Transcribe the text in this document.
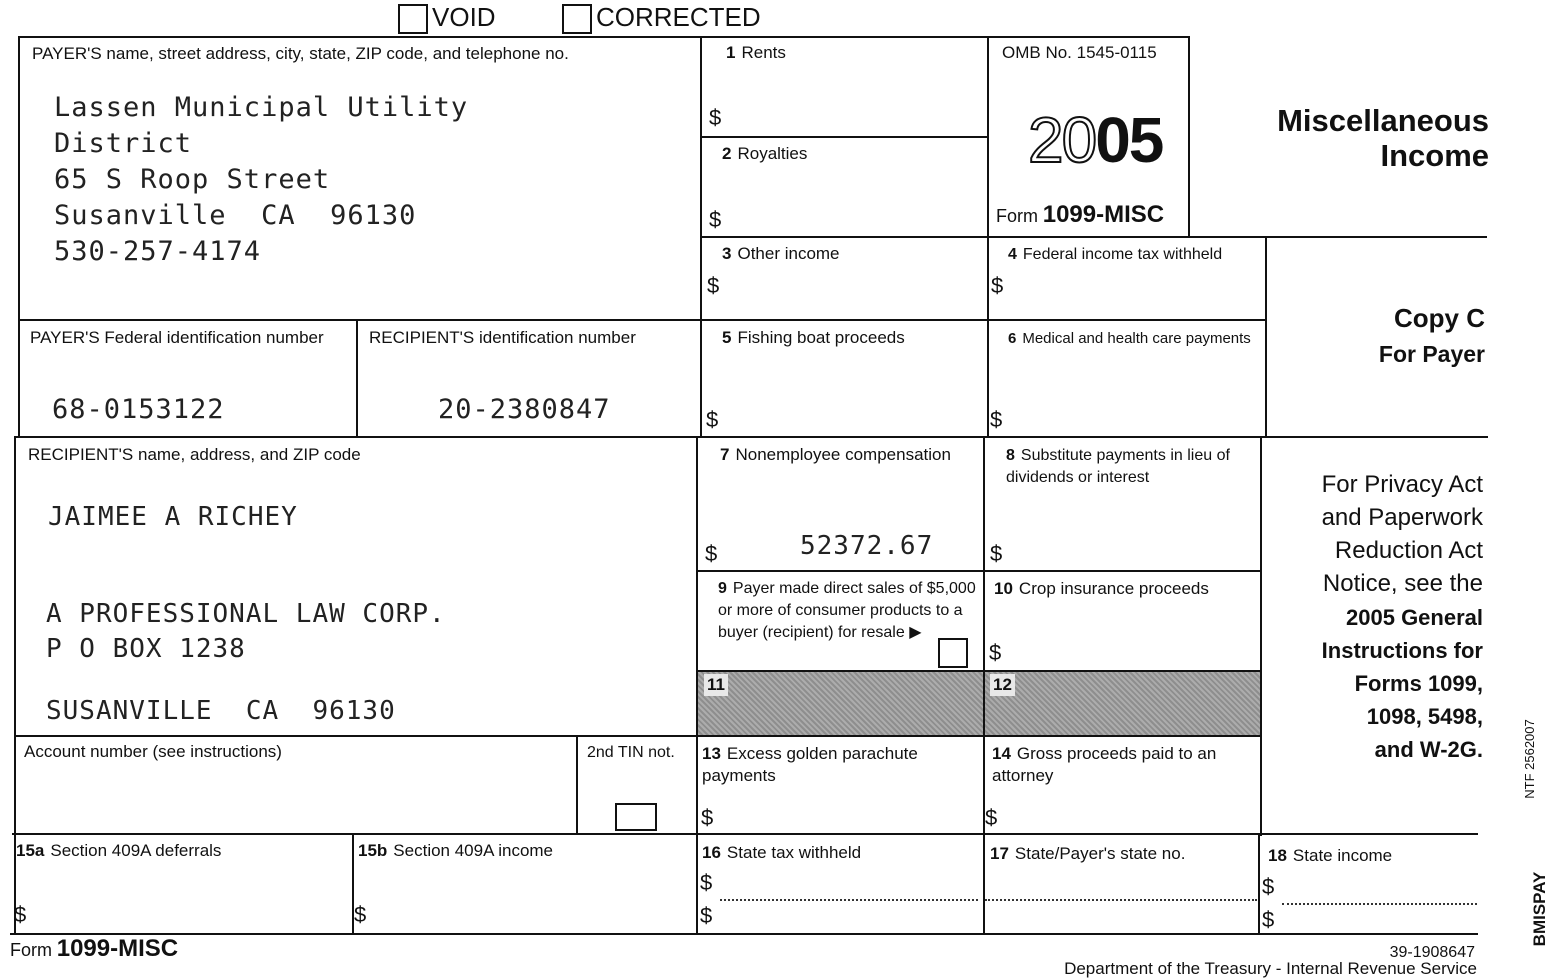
VOID	CORRECTED
PAYER'S name, street address, city, state, ZIP code, and telephone no.
Lassen Municipal Utility
District
65 S Roop Street
Susanville  CA  96130
530-257-4174
1 Rents
$
2 Royalties
$
OMB No. 1545-0115
2005
Form 1099-MISC
Miscellaneous
Income
3 Other income
$
4 Federal income tax withheld
$
Copy C
For Payer
PAYER'S Federal identification number
68-0153122
RECIPIENT'S identification number
20-2380847
5 Fishing boat proceeds
$
6 Medical and health care payments
$
RECIPIENT'S name, address, and ZIP code
JAIMEE A RICHEY
A PROFESSIONAL LAW CORP.
P O BOX 1238
SUSANVILLE  CA  96130
7 Nonemployee compensation
$	52372.67
8 Substitute payments in lieu of dividends or interest
$
9 Payer made direct sales of $5,000 or more of consumer products to a buyer (recipient) for resale ▶
10 Crop insurance proceeds
$
11	12
Account number (see instructions)	2nd TIN not. 13 Excess golden parachute payments
$
14 Gross proceeds paid to an attorney
$
For Privacy Act
and Paperwork
Reduction Act
Notice, see the
2005 General
Instructions for
Forms 1099,
1098, 5498,
and W-2G.
15a Section 409A deferrals
$
15b Section 409A income
$
16 State tax withheld
$
$
17 State/Payer's state no.	18 State income
$
$
Form 1099-MISC	39-1908647
Department of the Treasury - Internal Revenue Service
NTF 2562007
BMISPAY
